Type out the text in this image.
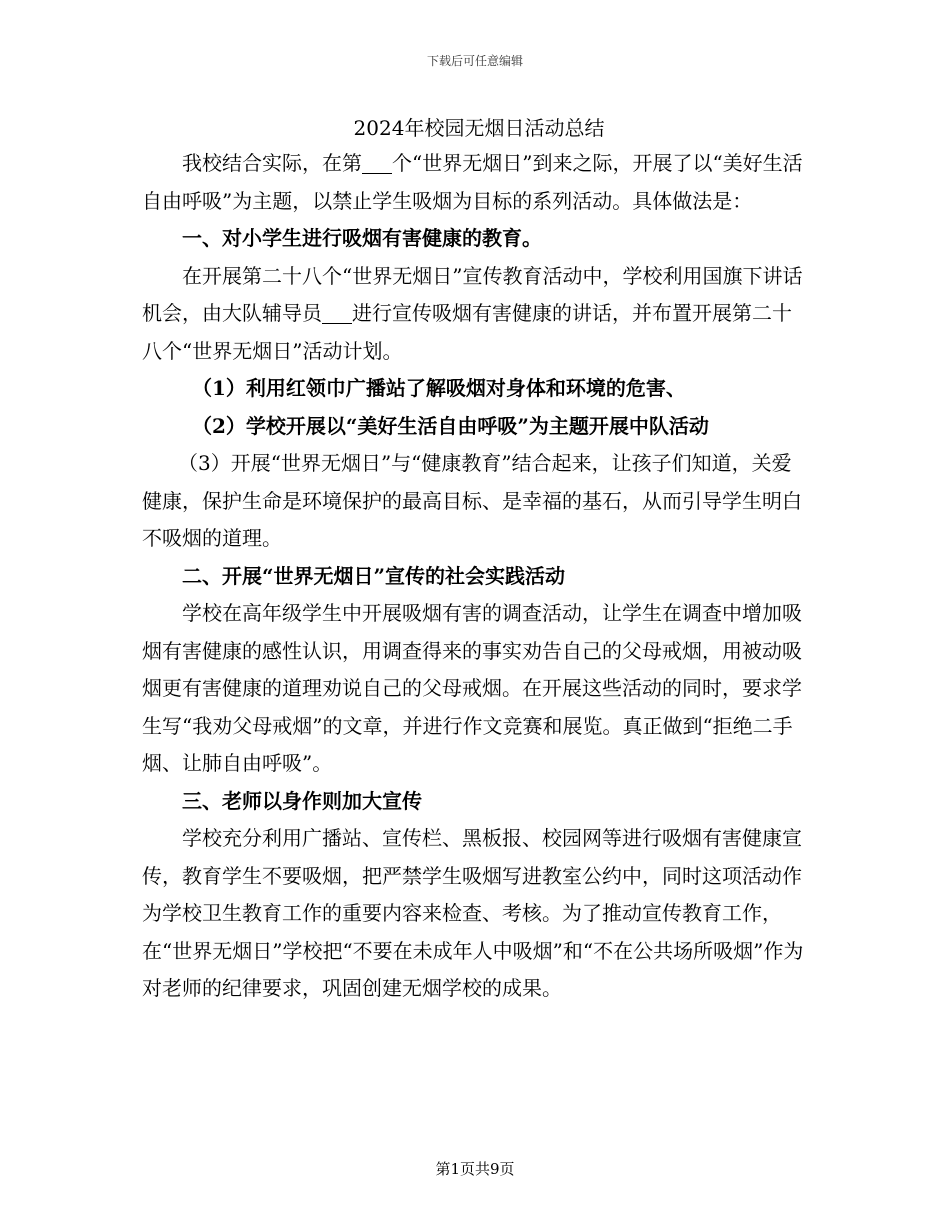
下载后可任意编辑
2024年校园无烟日活动总结

我校结合实际，在第 个“世界无烟日”到来之际，开展了以“美好生活自由呼吸”为主题，以禁止学生吸烟为目标的系列活动。具体做法是：

一、对小学生进行吸烟有害健康的教育。

在开展第二十八个“世界无烟日”宣传教育活动中，学校利用国旗下讲话机会，由大队辅导员 进行宣传吸烟有害健康的讲话，并布置开展第二十八个“世界无烟日”活动计划。

（1）利用红领巾广播站了解吸烟对身体和环境的危害、

（2）学校开展以“美好生活自由呼吸”为主题开展中队活动

（3）开展“世界无烟日”与“健康教育”结合起来，让孩子们知道，关爱健康，保护生命是环境保护的最高目标、是幸福的基石，从而引导学生明白不吸烟的道理。

二、开展“世界无烟日”宣传的社会实践活动

学校在高年级学生中开展吸烟有害的调查活动，让学生在调查中增加吸烟有害健康的感性认识，用调查得来的事实劝告自己的父母戒烟，用被动吸烟更有害健康的道理劝说自己的父母戒烟。在开展这些活动的同时，要求学生写“我劝父母戒烟”的文章，并进行作文竞赛和展览。真正做到“拒绝二手烟、让肺自由呼吸”。

三、老师以身作则加大宣传

学校充分利用广播站、宣传栏、黑板报、校园网等进行吸烟有害健康宣传，教育学生不要吸烟，把严禁学生吸烟写进教室公约中，同时这项活动作为学校卫生教育工作的重要内容来检查、考核。为了推动宣传教育工作，在“世界无烟日”学校把“不要在未成年人中吸烟”和“不在公共场所吸烟”作为对老师的纪律要求，巩固创建无烟学校的成果。

第1页共9页
